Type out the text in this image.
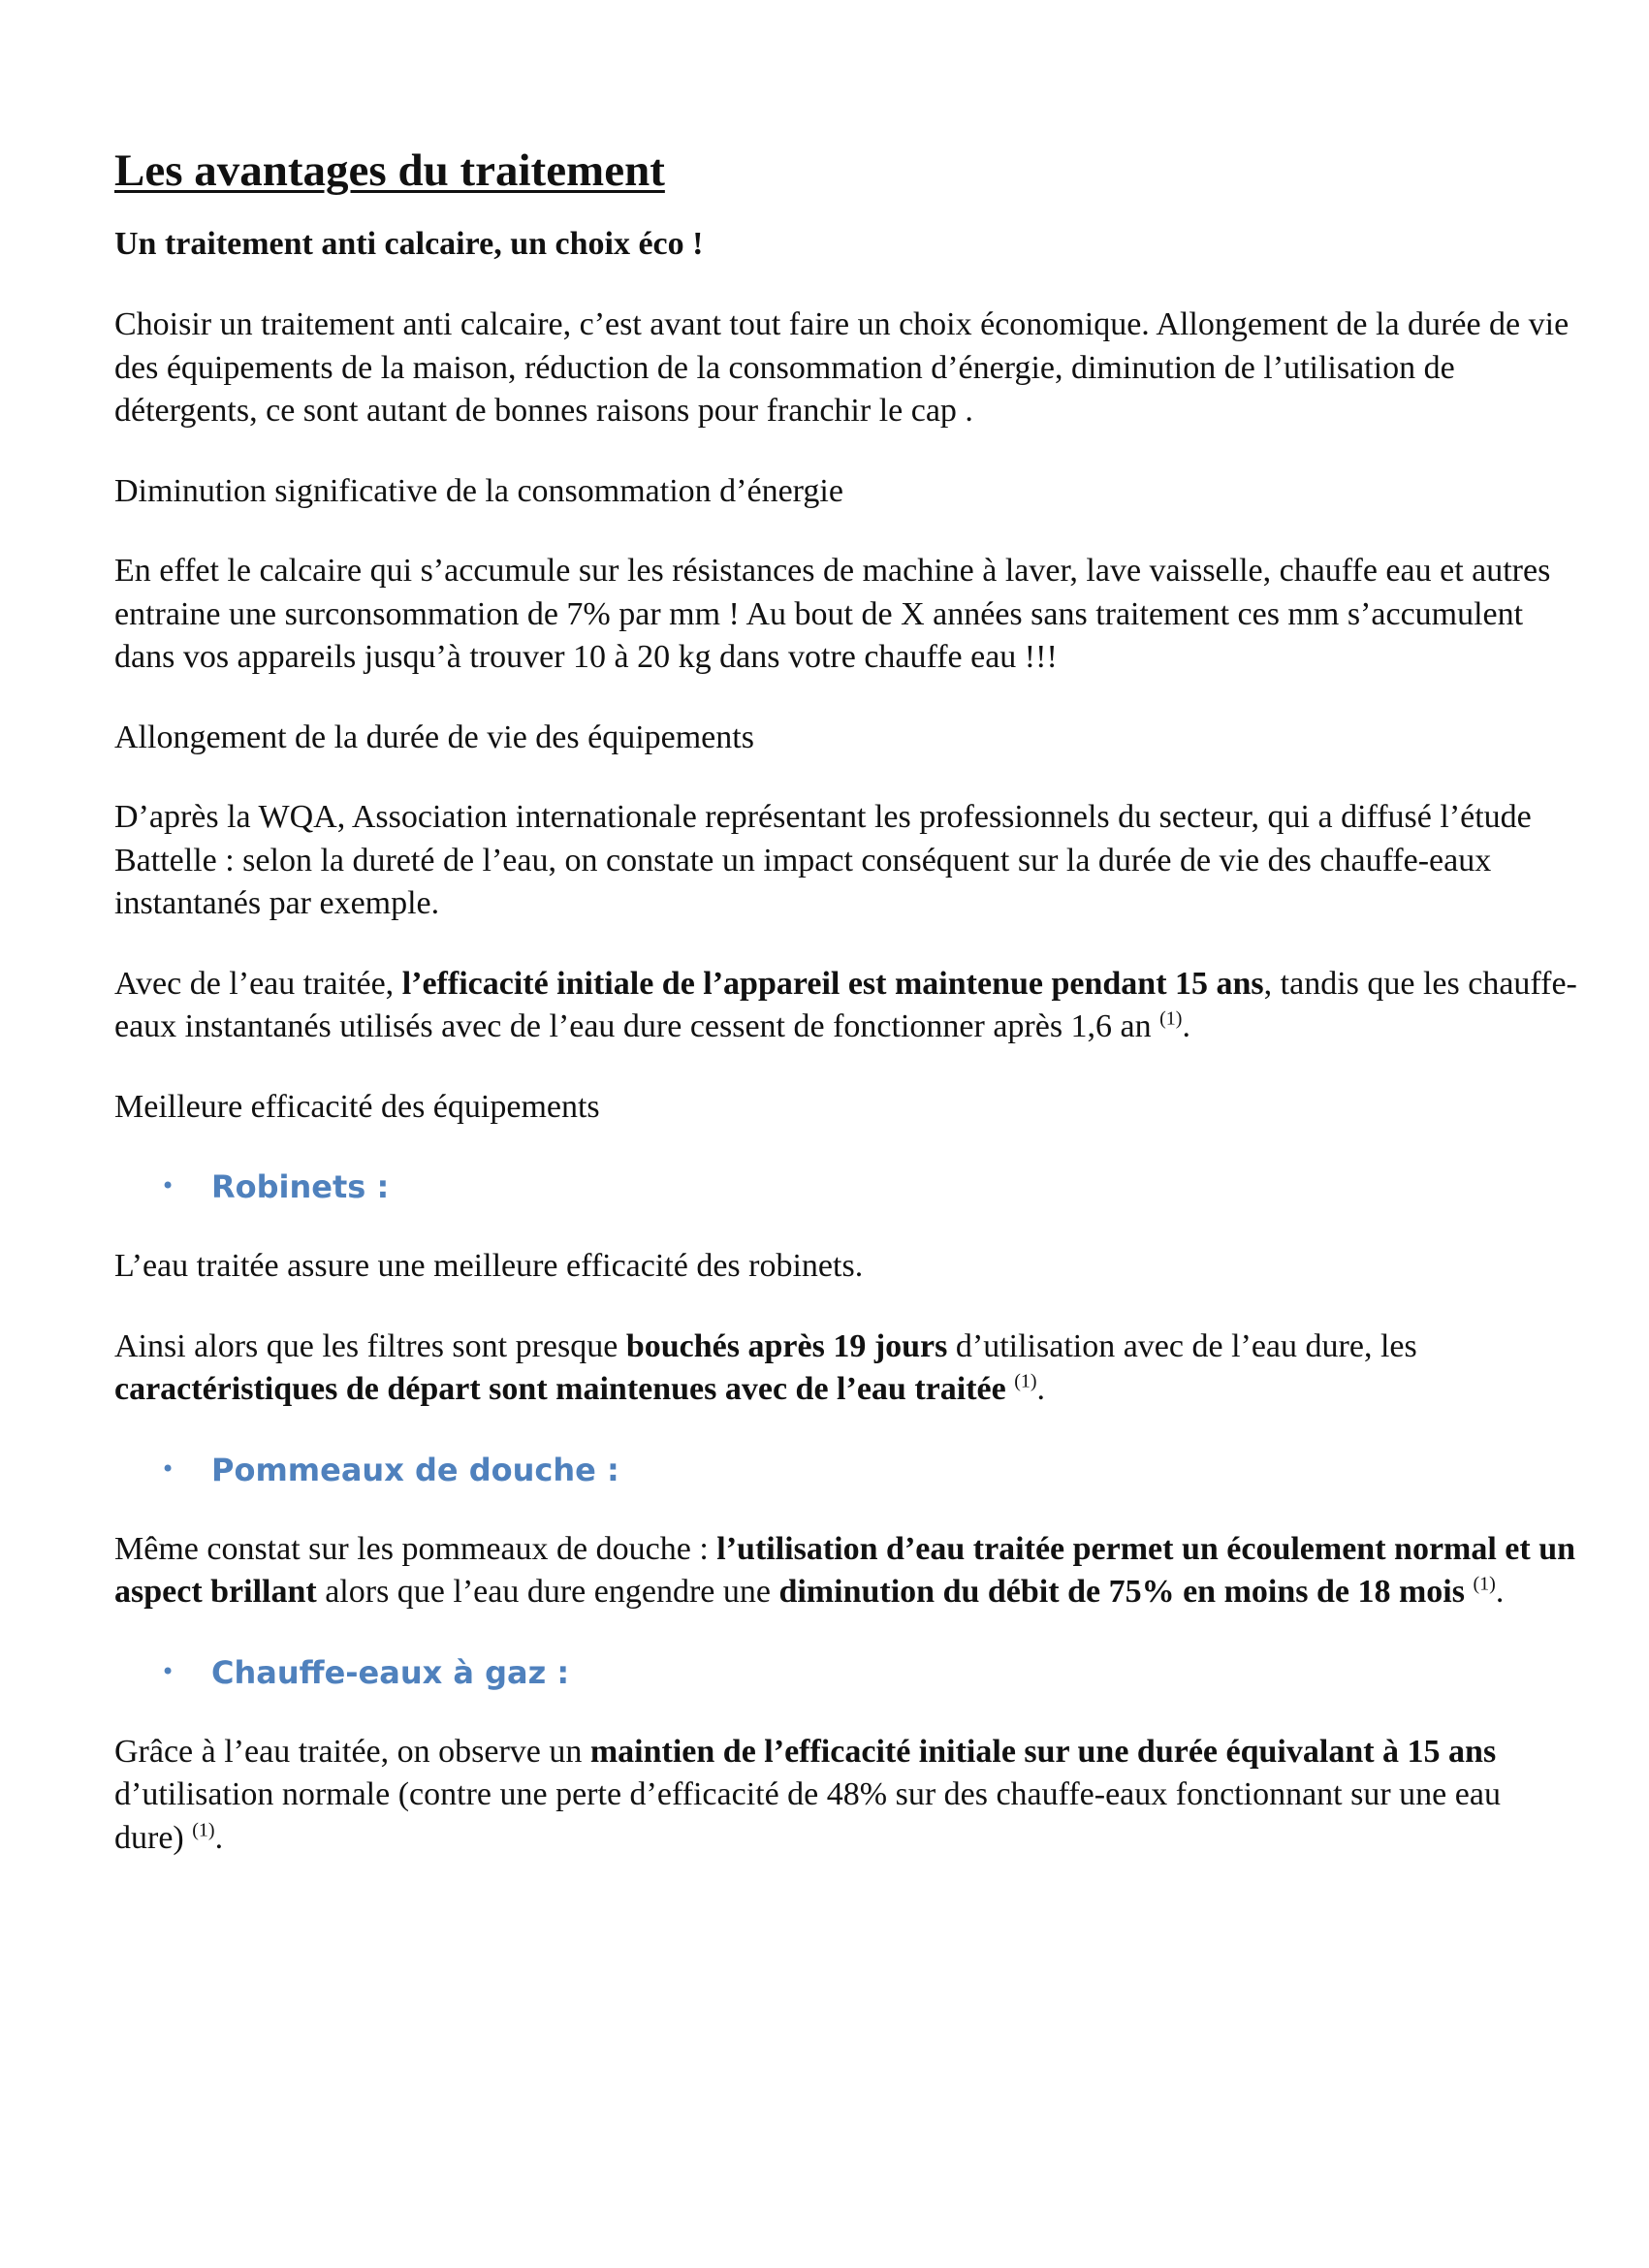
Les avantages du traitement
Un traitement anti calcaire, un choix éco !

Choisir un traitement anti calcaire, c’est avant tout faire un choix économique. Allongement de la durée de vie des équipements de la maison, réduction de la consommation d’énergie, diminution de l’utilisation de détergents, ce sont autant de bonnes raisons pour franchir le cap .

Diminution significative de la consommation d’énergie

En effet le calcaire qui s’accumule sur les résistances de machine à laver, lave vaisselle, chauffe eau et autres entraine une surconsommation de 7% par mm ! Au bout de X années sans traitement ces mm s’accumulent dans vos appareils jusqu’à trouver 10 à 20 kg dans votre chauffe eau !!!

Allongement de la durée de vie des équipements

D’après la WQA, Association internationale représentant les professionnels du secteur, qui a diffusé l’étude Battelle : selon la dureté de l’eau, on constate un impact conséquent sur la durée de vie des chauffe-eaux instantanés par exemple.

Avec de l’eau traitée, l’efficacité initiale de l’appareil est maintenue pendant 15 ans, tandis que les chauffe-eaux instantanés utilisés avec de l’eau dure cessent de fonctionner après 1,6 an $^{(1)}$.

Meilleure efficacité des équipements

•	Robinets :

L’eau traitée assure une meilleure efficacité des robinets.

Ainsi alors que les filtres sont presque bouchés après 19 jours d’utilisation avec de l’eau dure, les caractéristiques de départ sont maintenues avec de l’eau traitée $^{(1)}$.

•	Pommeaux de douche :

Même constat sur les pommeaux de douche : l’utilisation d’eau traitée permet un écoulement normal et un aspect brillant alors que l’eau dure engendre une diminution du débit de 75% en moins de 18 mois $^{(1)}$.

•	Chauffe-eaux à gaz :

Grâce à l’eau traitée, on observe un maintien de l’efficacité initiale sur une durée équivalant à 15 ans d’utilisation normale (contre une perte d’efficacité de 48% sur des chauffe-eaux fonctionnant sur une eau dure) $^{(1)}$.
